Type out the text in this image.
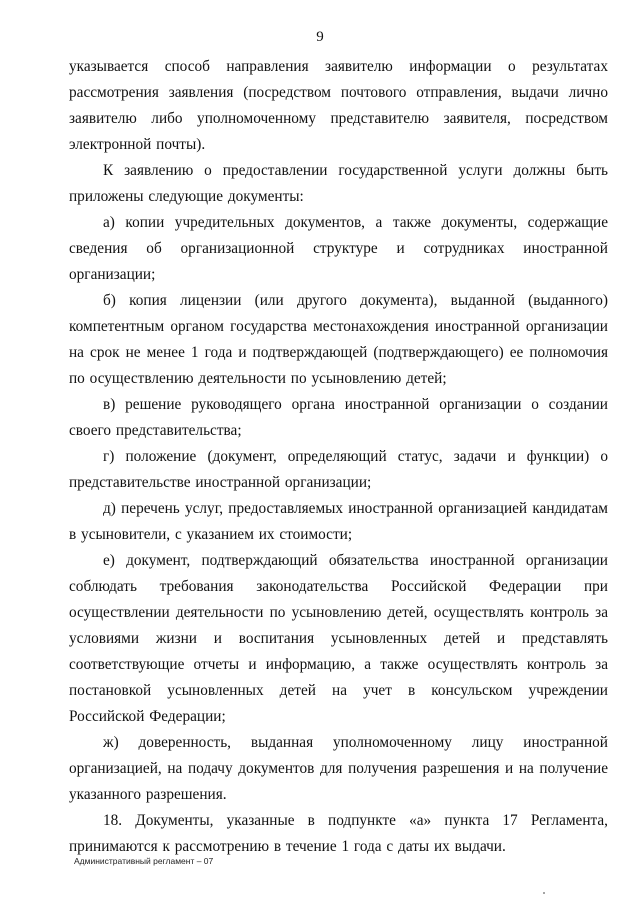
9

указывается способ направления заявителю информации о результатах рассмотрения заявления (посредством почтового отправления, выдачи лично заявителю либо уполномоченному представителю заявителя, посредством электронной почты).

К заявлению о предоставлении государственной услуги должны быть приложены следующие документы:

а) копии учредительных документов, а также документы, содержащие сведения об организационной структуре и сотрудниках иностранной организации;

б) копия лицензии (или другого документа), выданной (выданного) компетентным органом государства местонахождения иностранной организации на срок не менее 1 года и подтверждающей (подтверждающего) ее полномочия по осуществлению деятельности по усыновлению детей;

в) решение руководящего органа иностранной организации о создании своего представительства;

г) положение (документ, определяющий статус, задачи и функции) о представительстве иностранной организации;

д) перечень услуг, предоставляемых иностранной организацией кандидатам в усыновители, с указанием их стоимости;

е) документ, подтверждающий обязательства иностранной организации соблюдать требования законодательства Российской Федерации при осуществлении деятельности по усыновлению детей, осуществлять контроль за условиями жизни и воспитания усыновленных детей и представлять соответствующие отчеты и информацию, а также осуществлять контроль за постановкой усыновленных детей на учет в консульском учреждении Российской Федерации;

ж) доверенность, выданная уполномоченному лицу иностранной организацией, на подачу документов для получения разрешения и на получение указанного разрешения.

18. Документы, указанные в подпункте «а» пункта 17 Регламента, принимаются к рассмотрению в течение 1 года с даты их выдачи.

Административный регламент – 07
